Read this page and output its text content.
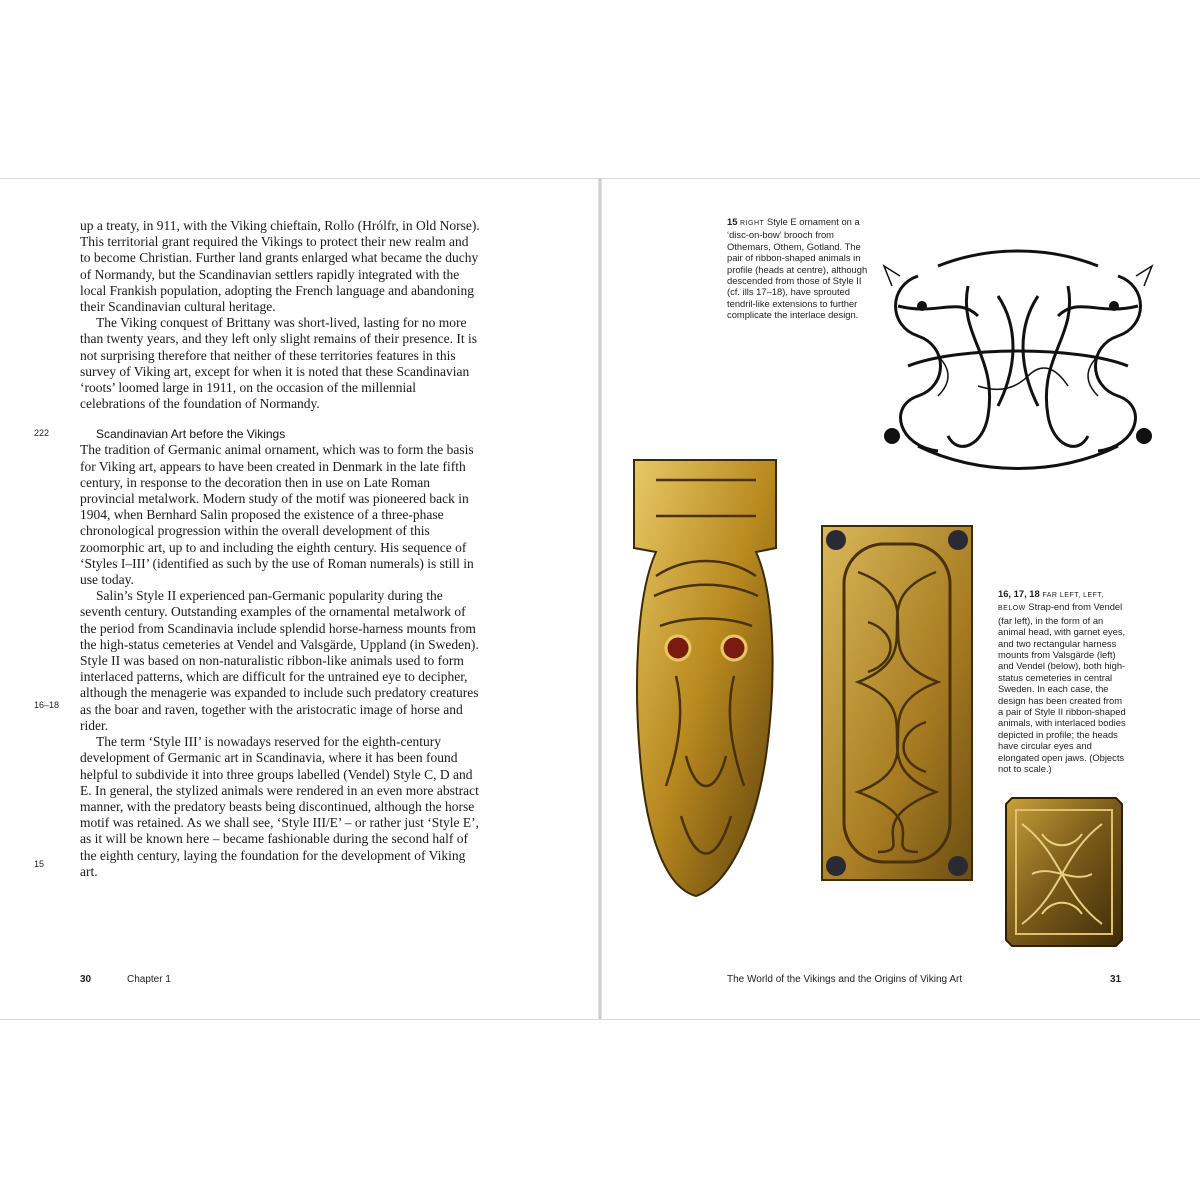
up a treaty, in 911, with the Viking chieftain, Rollo (Hrólfr, in Old Norse). This territorial grant required the Vikings to protect their new realm and to become Christian. Further land grants enlarged what became the duchy of Normandy, but the Scandinavian settlers rapidly integrated with the local Frankish population, adopting the French language and abandoning their Scandinavian cultural heritage.

The Viking conquest of Brittany was short-lived, lasting for no more than twenty years, and they left only slight remains of their presence. It is not surprising therefore that neither of these territories features in this survey of Viking art, except for when it is noted that these Scandinavian ‘roots’ loomed large in 1911, on the occasion of the millennial celebrations of the foundation of Normandy.

Scandinavian Art before the Vikings

The tradition of Germanic animal ornament, which was to form the basis for Viking art, appears to have been created in Denmark in the late fifth century, in response to the decoration then in use on Late Roman provincial metalwork. Modern study of the motif was pioneered back in 1904, when Bernhard Salin proposed the existence of a three-phase chronological progression within the overall development of this zoomorphic art, up to and including the eighth century. His sequence of ‘Styles I–III’ (identified as such by the use of Roman numerals) is still in use today.

Salin’s Style II experienced pan-Germanic popularity during the seventh century. Outstanding examples of the ornamental metalwork of the period from Scandinavia include splendid horse-harness mounts from the high-status cemeteries at Vendel and Valsgärde, Uppland (in Sweden). Style II was based on non-naturalistic ribbon-like animals used to form interlaced patterns, which are difficult for the untrained eye to decipher, although the menagerie was expanded to include such predatory creatures as the boar and raven, together with the aristocratic image of horse and rider.

The term ‘Style III’ is nowadays reserved for the eighth-century development of Germanic art in Scandinavia, where it has been found helpful to subdivide it into three groups labelled (Vendel) Style C, D and E. In general, the stylized animals were rendered in an even more abstract manner, with the predatory beasts being discontinued, although the horse motif was retained. As we shall see, ‘Style III/E’ – or rather just ‘Style E’, as it will be known here – became fashionable during the second half of the eighth century, laying the foundation for the development of Viking art.

222
16–18
15
30	Chapter 1
15 RIGHT Style E ornament on a ‘disc-on-bow’ brooch from Othemars, Othem, Gotland. The pair of ribbon-shaped animals in profile (heads at centre), although descended from those of Style II (cf. ills 17–18), have sprouted tendril-like extensions to further complicate the interlace design.
16, 17, 18 FAR LEFT, LEFT, BELOW Strap-end from Vendel (far left), in the form of an animal head, with garnet eyes, and two rectangular harness mounts from Valsgärde (left) and Vendel (below), both high-status cemeteries in central Sweden. In each case, the design has been created from a pair of Style II ribbon-shaped animals, with interlaced bodies depicted in profile; the heads have circular eyes and elongated open jaws. (Objects not to scale.)
The World of the Vikings and the Origins of Viking Art	31
